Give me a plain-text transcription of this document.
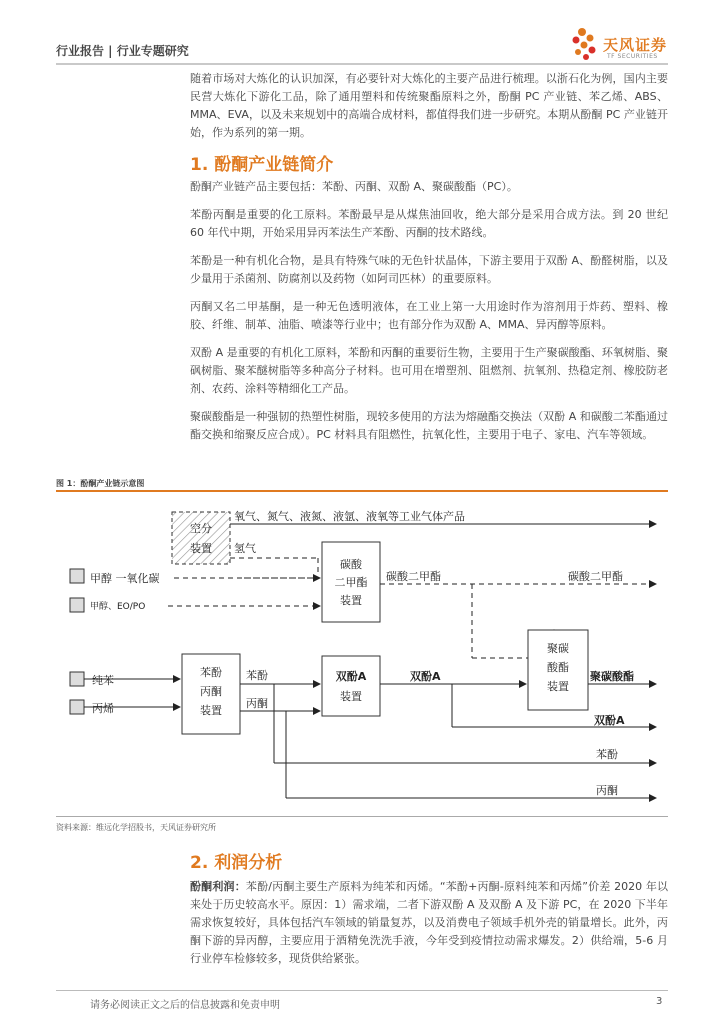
行业报告 | 行业专题研究	天风证券
TF SECURITIES

随着市场对大炼化的认识加深，有必要针对大炼化的主要产品进行梳理。以浙石化为例，国内主要民营大炼化下游化工品，除了通用塑料和传统聚酯原料之外，酚酮 PC 产业链、苯乙烯、ABS、MMA、EVA，以及未来规划中的高端合成材料，都值得我们进一步研究。本期从酚酮 PC 产业链开始，作为系列的第一期。

1. 酚酮产业链简介

酚酮产业链产品主要包括：苯酚、丙酮、双酚 A、聚碳酸酯（PC）。

苯酚丙酮是重要的化工原料。苯酚最早是从煤焦油回收，绝大部分是采用合成方法。到 20 世纪 60 年代中期，开始采用异丙苯法生产苯酚、丙酮的技术路线。

苯酚是一种有机化合物，是具有特殊气味的无色针状晶体，下游主要用于双酚 A、酚醛树脂，以及少量用于杀菌剂、防腐剂以及药物（如阿司匹林）的重要原料。

丙酮又名二甲基酮，是一种无色透明液体，在工业上第一大用途时作为溶剂用于炸药、塑料、橡胶、纤维、制革、油脂、喷漆等行业中；也有部分作为双酚 A、MMA、异丙醇等原料。

双酚 A 是重要的有机化工原料，苯酚和丙酮的重要衍生物，主要用于生产聚碳酸酯、环氧树脂、聚砜树脂、聚苯醚树脂等多种高分子材料。也可用在增塑剂、阻燃剂、抗氧剂、热稳定剂、橡胶防老剂、农药、涂料等精细化工产品。

聚碳酸酯是一种强韧的热塑性树脂，现较多使用的方法为熔融酯交换法（双酚 A 和碳酸二苯酯通过酯交换和缩聚反应合成）。PC 材料具有阻燃性，抗氧化性，主要用于电子、家电、汽车等领域。

图 1：酚酮产业链示意图
空分
装置
氧气、氮气、液氮、液氩、液氧等工业气体产品
氢气
甲醇 一氧化碳
甲醇、EO/PO
碳酸
二甲酯
装置
碳酸二甲酯	碳酸二甲酯
纯苯
丙烯
苯酚
丙酮
装置
苯酚
丙酮
苯酚
丙酮
双酚A
装置
双酚A
双酚A
聚碳
酸酯
装置
聚碳酸酯
资料来源：维远化学招股书，天风证券研究所
2. 利润分析

酚酮利润：苯酚/丙酮主要生产原料为纯苯和丙烯。“苯酚+丙酮-原料纯苯和丙烯”价差 2020 年以来处于历史较高水平。原因：1）需求端，二者下游双酚 A 及双酚 A 及下游 PC，在 2020 下半年需求恢复较好，具体包括汽车领域的销量复苏，以及消费电子领域手机外壳的销量增长。此外，丙酮下游的异丙醇，主要应用于酒精免洗洗手液，今年受到疫情拉动需求爆发。2）供给端，5-6 月行业停车检修较多，现货供给紧张。

请务必阅读正文之后的信息披露和免责申明	3
